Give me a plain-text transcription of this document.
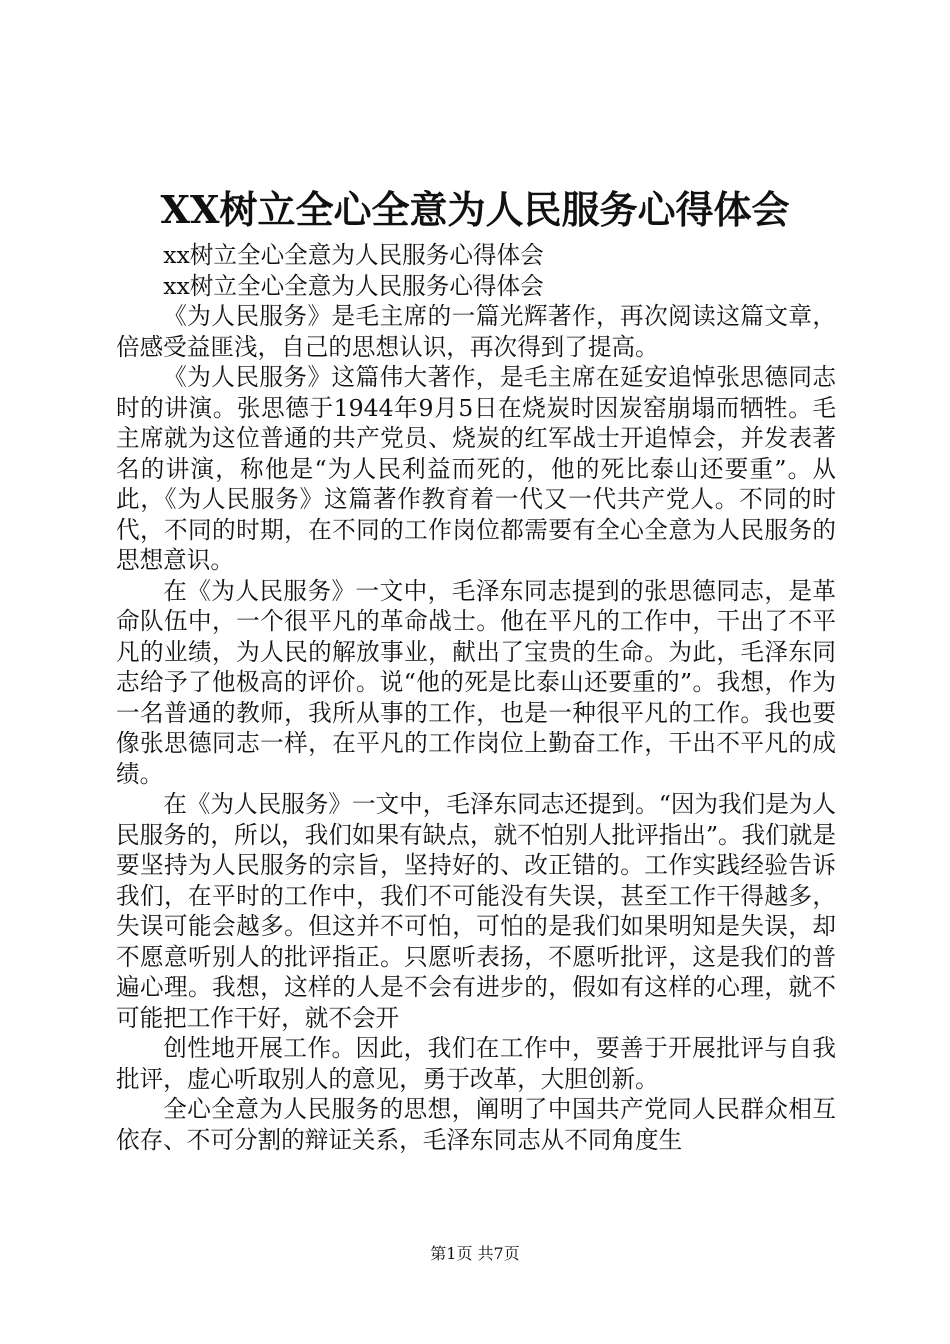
XX树立全心全意为人民服务心得体会

xx树立全心全意为人民服务心得体会

xx树立全心全意为人民服务心得体会

《为人民服务》是毛主席的一篇光辉著作，再次阅读这篇文章，倍感受益匪浅，自己的思想认识，再次得到了提高。

《为人民服务》这篇伟大著作，是毛主席在延安追悼张思德同志时的讲演。张思德于1944年9月5日在烧炭时因炭窑崩塌而牺牲。毛主席就为这位普通的共产党员、烧炭的红军战士开追悼会，并发表著名的讲演，称他是“为人民利益而死的，他的死比泰山还要重”。从此，《为人民服务》这篇著作教育着一代又一代共产党人。不同的时代，不同的时期，在不同的工作岗位都需要有全心全意为人民服务的思想意识。

在《为人民服务》一文中，毛泽东同志提到的张思德同志，是革命队伍中，一个很平凡的革命战士。他在平凡的工作中，干出了不平凡的业绩，为人民的解放事业，献出了宝贵的生命。为此，毛泽东同志给予了他极高的评价。说“他的死是比泰山还要重的”。我想，作为一名普通的教师，我所从事的工作，也是一种很平凡的工作。我也要像张思德同志一样，在平凡的工作岗位上勤奋工作，干出不平凡的成绩。

在《为人民服务》一文中，毛泽东同志还提到。“因为我们是为人民服务的，所以，我们如果有缺点，就不怕别人批评指出”。我们就是要坚持为人民服务的宗旨，坚持好的、改正错的。工作实践经验告诉我们，在平时的工作中，我们不可能没有失误，甚至工作干得越多，失误可能会越多。但这并不可怕，可怕的是我们如果明知是失误，却不愿意听别人的批评指正。只愿听表扬，不愿听批评，这是我们的普遍心理。我想，这样的人是不会有进步的，假如有这样的心理，就不可能把工作干好，就不会开

创性地开展工作。因此，我们在工作中，要善于开展批评与自我批评，虚心听取别人的意见，勇于改革，大胆创新。

全心全意为人民服务的思想，阐明了中国共产党同人民群众相互依存、不可分割的辩证关系，毛泽东同志从不同角度生

第1页 共7页
